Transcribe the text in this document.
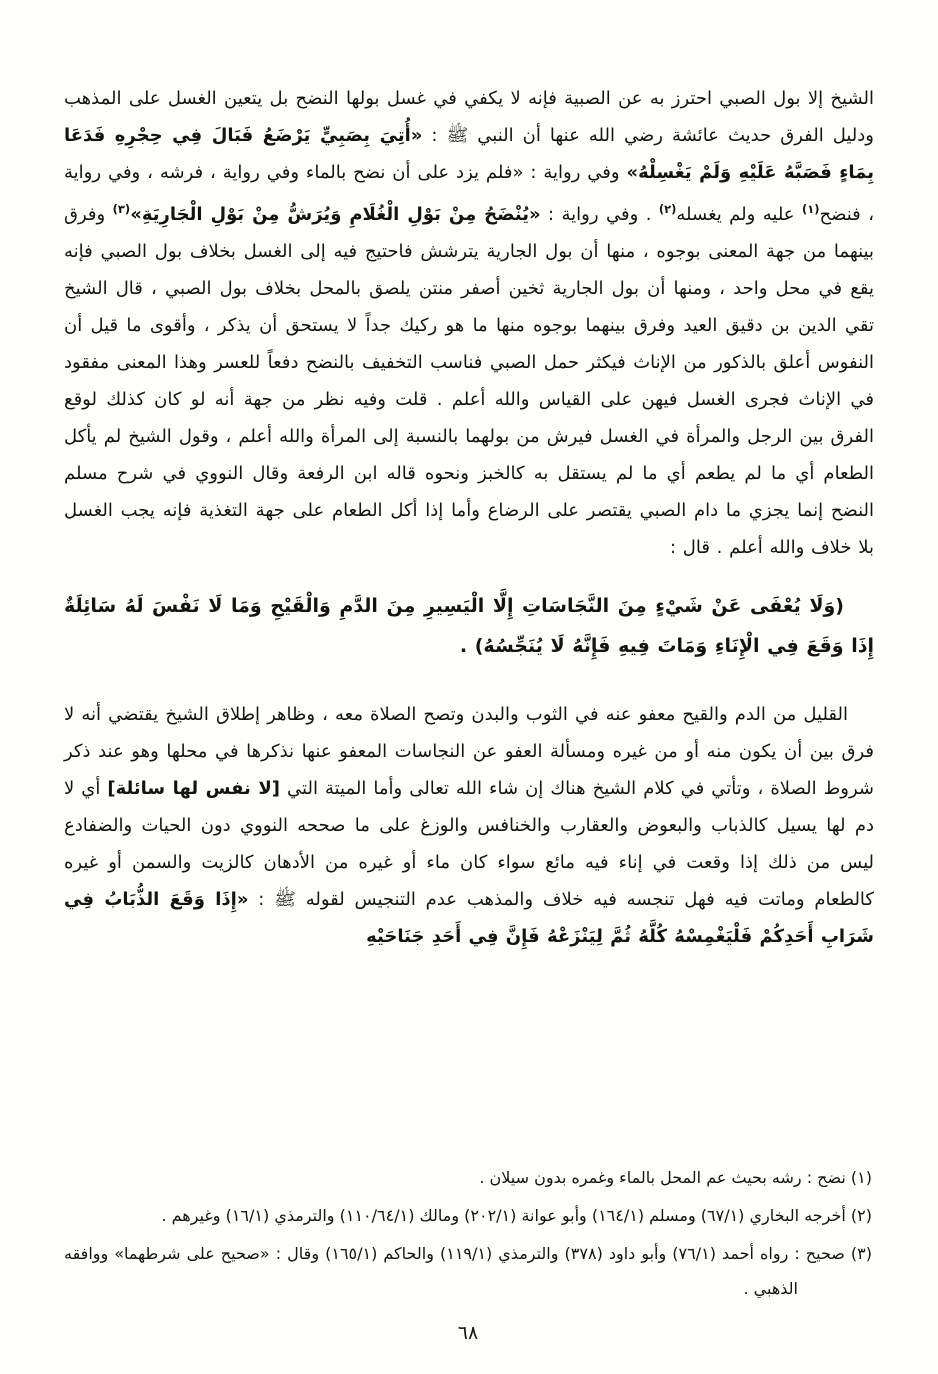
الشيخ إلا بول الصبي احترز به عن الصبية فإنه لا يكفي في غسل بولها النضح بل يتعين الغسل على المذهب ودليل الفرق حديث عائشة رضي الله عنها أن النبي ﷺ : «أُتِيَ بِصَبِيٍّ يَرْضَعُ فَبَالَ فِي حِجْرِهِ فَدَعَا بِمَاءٍ فَصَبَّهُ عَلَيْهِ وَلَمْ يَغْسِلْهُ» وفي رواية : «فلم يزد على أن نضح بالماء وفي رواية ، فرشه ، وفي رواية ، فنضح$^{(١)}$ عليه ولم يغسله$^{(٢)}$ . وفي رواية : «يُنْضَحُ مِنْ بَوْلِ الْغُلَامِ وَيُرَشُّ مِنْ بَوْلِ الْجَارِيَةِ»$^{(٣)}$ وفرق بينهما من جهة المعنى بوجوه ، منها أن بول الجارية يترشش فاحتيج فيه إلى الغسل بخلاف بول الصبي فإنه يقع في محل واحد ، ومنها أن بول الجارية ثخين أصفر منتن يلصق بالمحل بخلاف بول الصبي ، قال الشيخ تقي الدين بن دقيق العيد وفرق بينهما بوجوه منها ما هو ركيك جداً لا يستحق أن يذكر ، وأقوى ما قيل أن النفوس أعلق بالذكور من الإناث فيكثر حمل الصبي فناسب التخفيف بالنضح دفعاً للعسر وهذا المعنى مفقود في الإناث فجرى الغسل فيهن على القياس والله أعلم . قلت وفيه نظر من جهة أنه لو كان كذلك لوقع الفرق بين الرجل والمرأة في الغسل فيرش من بولهما بالنسبة إلى المرأة والله أعلم ، وقول الشيخ لم يأكل الطعام أي ما لم يطعم أي ما لم يستقل به كالخبز ونحوه قاله ابن الرفعة وقال النووي في شرح مسلم النضح إنما يجزي ما دام الصبي يقتصر على الرضاع وأما إذا أكل الطعام على جهة التغذية فإنه يجب الغسل بلا خلاف والله أعلم . قال :

(وَلَا يُعْفَى عَنْ شَيْءٍ مِنَ النَّجَاسَاتِ إِلَّا الْيَسِيرِ مِنَ الدَّمِ وَالْقَيْحِ وَمَا لَا نَفْسَ لَهُ سَائِلَةٌ إِذَا وَقَعَ فِي الْإِنَاءِ وَمَاتَ فِيهِ فَإِنَّهُ لَا يُنَجِّسُهُ) .

القليل من الدم والقيح معفو عنه في الثوب والبدن وتصح الصلاة معه ، وظاهر إطلاق الشيخ يقتضي أنه لا فرق بين أن يكون منه أو من غيره ومسألة العفو عن النجاسات المعفو عنها نذكرها في محلها وهو عند ذكر شروط الصلاة ، وتأتي في كلام الشيخ هناك إن شاء الله تعالى وأما الميتة التي [لا نفس لها سائلة] أي لا دم لها يسيل كالذباب والبعوض والعقارب والخنافس والوزغ على ما صححه النووي دون الحيات والضفادع ليس من ذلك إذا وقعت في إناء فيه مائع سواء كان ماء أو غيره من الأدهان كالزيت والسمن أو غيره كالطعام وماتت فيه فهل تنجسه فيه خلاف والمذهب عدم التنجيس لقوله ﷺ : «إِذَا وَقَعَ الذُّبَابُ فِي شَرَابِ أَحَدِكُمْ فَلْيَغْمِسْهُ كُلَّهُ ثُمَّ لِيَنْزَعْهُ فَإِنَّ فِي أَحَدِ جَنَاحَيْهِ

(١) نضح : رشه بحيث عم المحل بالماء وغمره بدون سيلان .

(٢) أخرجه البخاري (٦٧/١) ومسلم (١٦٤/١) وأبو عوانة (٢٠٢/١) ومالك (١١٠/٦٤/١) والترمذي (١٦/١) وغيرهم .

(٣) صحيح : رواه أحمد (٧٦/١) وأبو داود (٣٧٨) والترمذي (١١٩/١) والحاكم (١٦٥/١) وقال : «صحيح على شرطهما» ووافقه الذهبي .

٦٨
